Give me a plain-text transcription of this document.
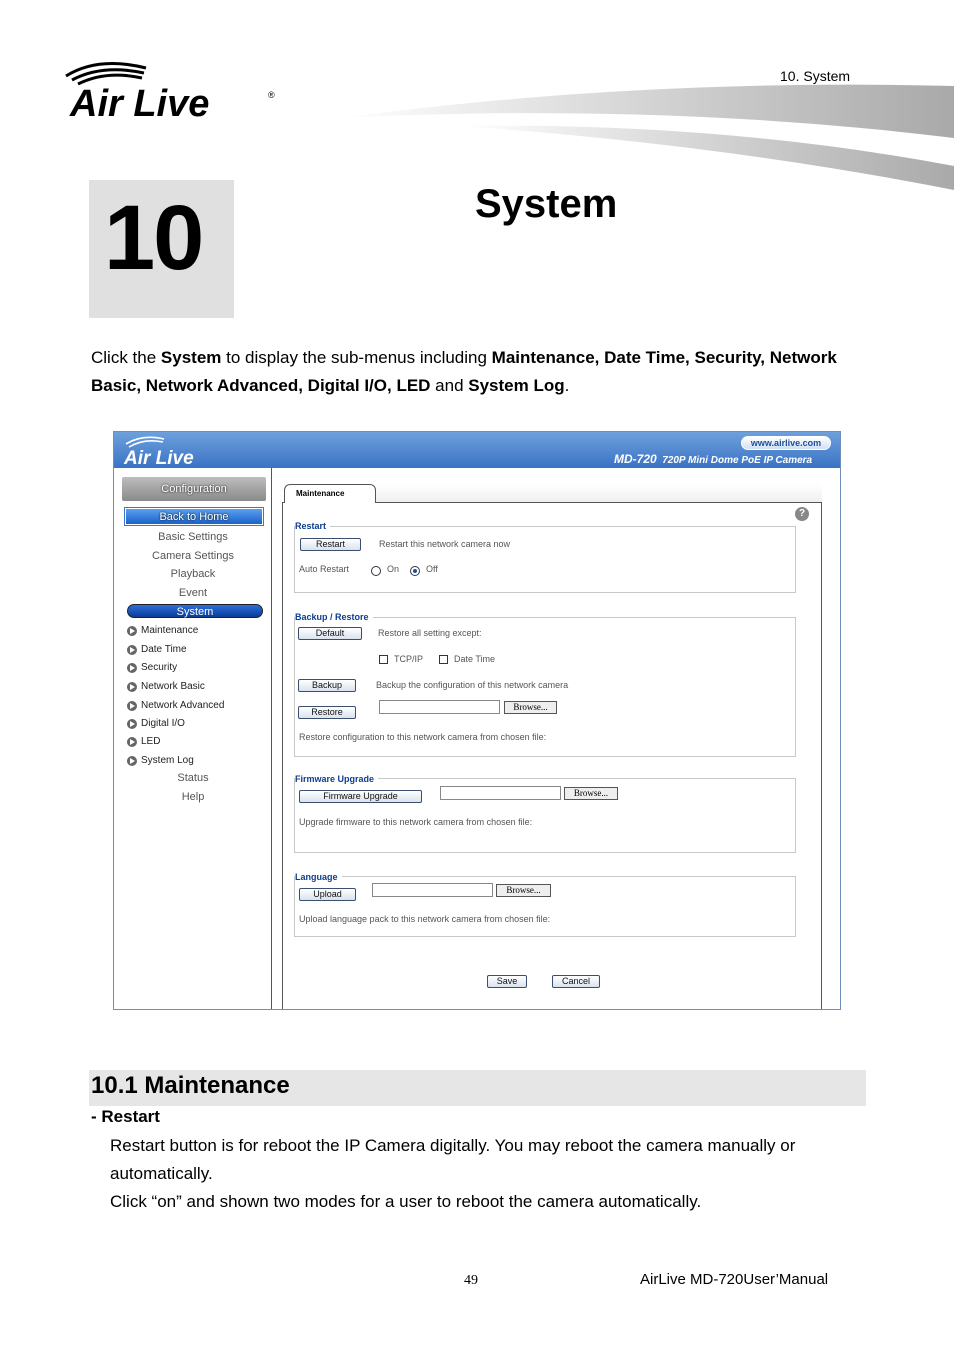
Air Live	®
10. System
10	System

Click the System to display the sub-menus including Maintenance, Date Time, Security, Network Basic, Network Advanced, Digital I/O, LED and System Log.

Air Live
www.airlive.com
MD-720 720P Mini Dome PoE IP Camera
Configuration
Back to Home
Basic Settings
Camera Settings
Playback
Event
System
Maintenance
Date Time
Security
Network Basic
Network Advanced
Digital I/O
LED
System Log
Status
Help
Maintenance
?
Restart
Restart	Restart this network camera now
Auto Restart	On	Off
Backup / Restore
Default	Restore all setting except:
TCP/IP	Date Time
Backup	Backup the configuration of this network camera
Restore	Browse...
Restore configuration to this network camera from chosen file:
Firmware Upgrade
Firmware Upgrade	Browse...
Upgrade firmware to this network camera from chosen file:
Language
Upload	Browse...
Upload language pack to this network camera from chosen file:
Save	Cancel
10.1 Maintenance
- Restart

Restart button is for reboot the IP Camera digitally. You may reboot the camera manually or automatically.

Click “on” and shown two modes for a user to reboot the camera automatically.

49	AirLive MD-720User’Manual
